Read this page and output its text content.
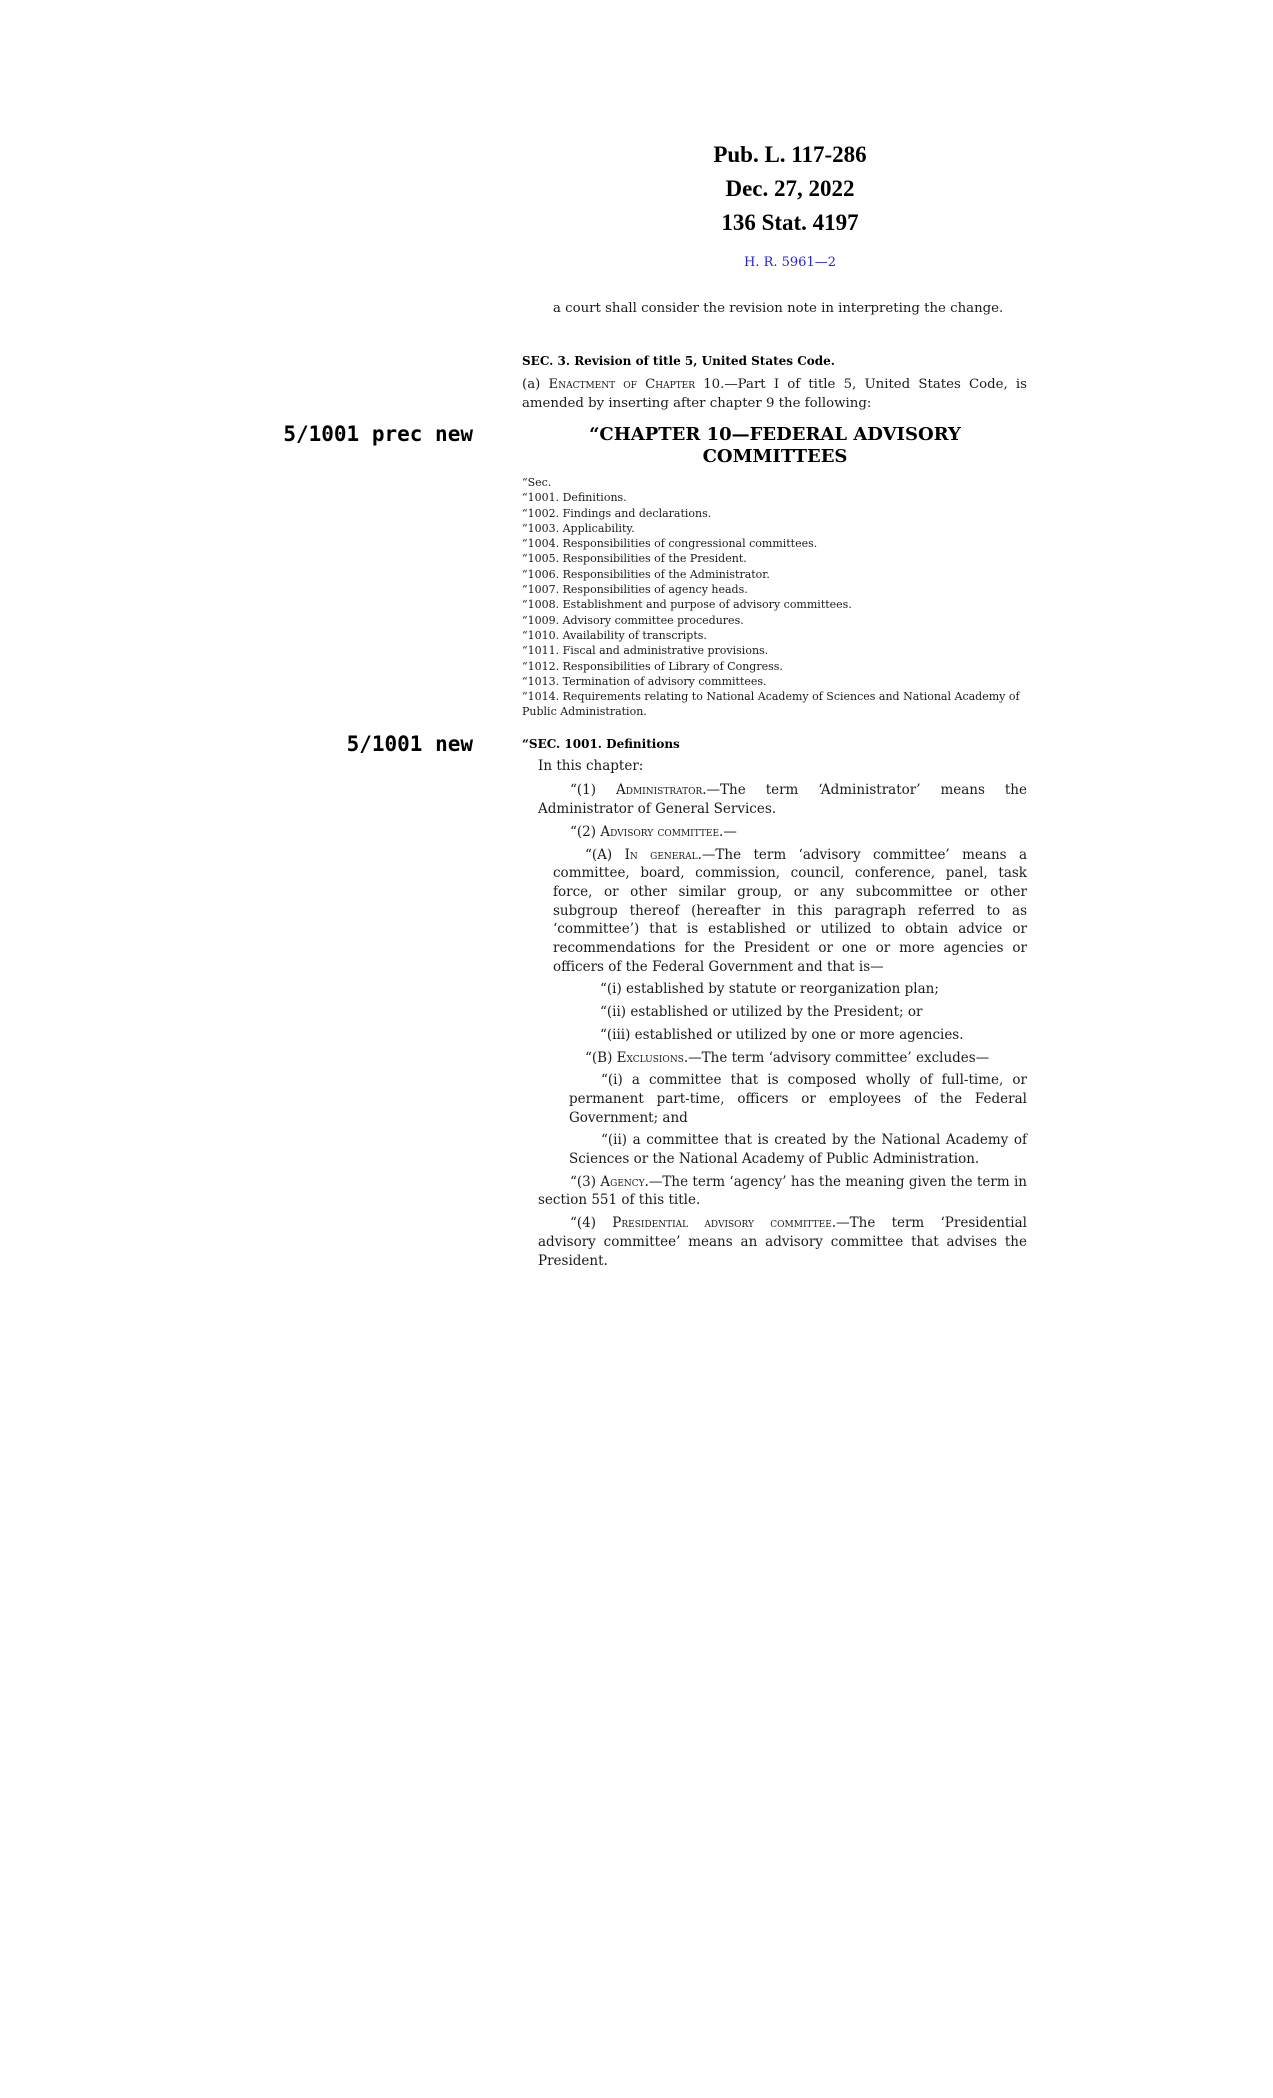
Pub. L. 117-286
Dec. 27, 2022
136 Stat. 4197
H. R. 5961—2

a court shall consider the revision note in interpreting the change.

SEC. 3. Revision of title 5, United States Code.

(a) Enactment of Chapter 10.—Part I of title 5, United States Code, is amended by inserting after chapter 9 the following:

5/1001 prec new
5/1001 new
“CHAPTER 10—FEDERAL ADVISORY COMMITTEES

“Sec.

“1001. Definitions.

“1002. Findings and declarations.

“1003. Applicability.

“1004. Responsibilities of congressional committees.

“1005. Responsibilities of the President.

“1006. Responsibilities of the Administrator.

“1007. Responsibilities of agency heads.

“1008. Establishment and purpose of advisory committees.

“1009. Advisory committee procedures.

“1010. Availability of transcripts.

“1011. Fiscal and administrative provisions.

“1012. Responsibilities of Library of Congress.

“1013. Termination of advisory committees.

“1014. Requirements relating to National Academy of Sciences and National Academy of Public Administration.

“SEC. 1001. Definitions

In this chapter:

“(1) Administrator.—The term ‘Administrator’ means the Administrator of General Services.

“(2) Advisory committee.—

“(A) In general.—The term ‘advisory committee’ means a committee, board, commission, council, conference, panel, task force, or other similar group, or any subcommittee or other subgroup thereof (hereafter in this paragraph referred to as ‘committee’) that is established or utilized to obtain advice or recommendations for the President or one or more agencies or officers of the Federal Government and that is—

“(i) established by statute or reorganization plan;

“(ii) established or utilized by the President; or

“(iii) established or utilized by one or more agencies.

“(B) Exclusions.—The term ‘advisory committee’ excludes—

“(i) a committee that is composed wholly of full-time, or permanent part-time, officers or employees of the Federal Government; and

“(ii) a committee that is created by the National Academy of Sciences or the National Academy of Public Administration.

“(3) Agency.—The term ‘agency’ has the meaning given the term in section 551 of this title.

“(4) Presidential advisory committee.—The term ‘Presidential advisory committee’ means an advisory committee that advises the President.
